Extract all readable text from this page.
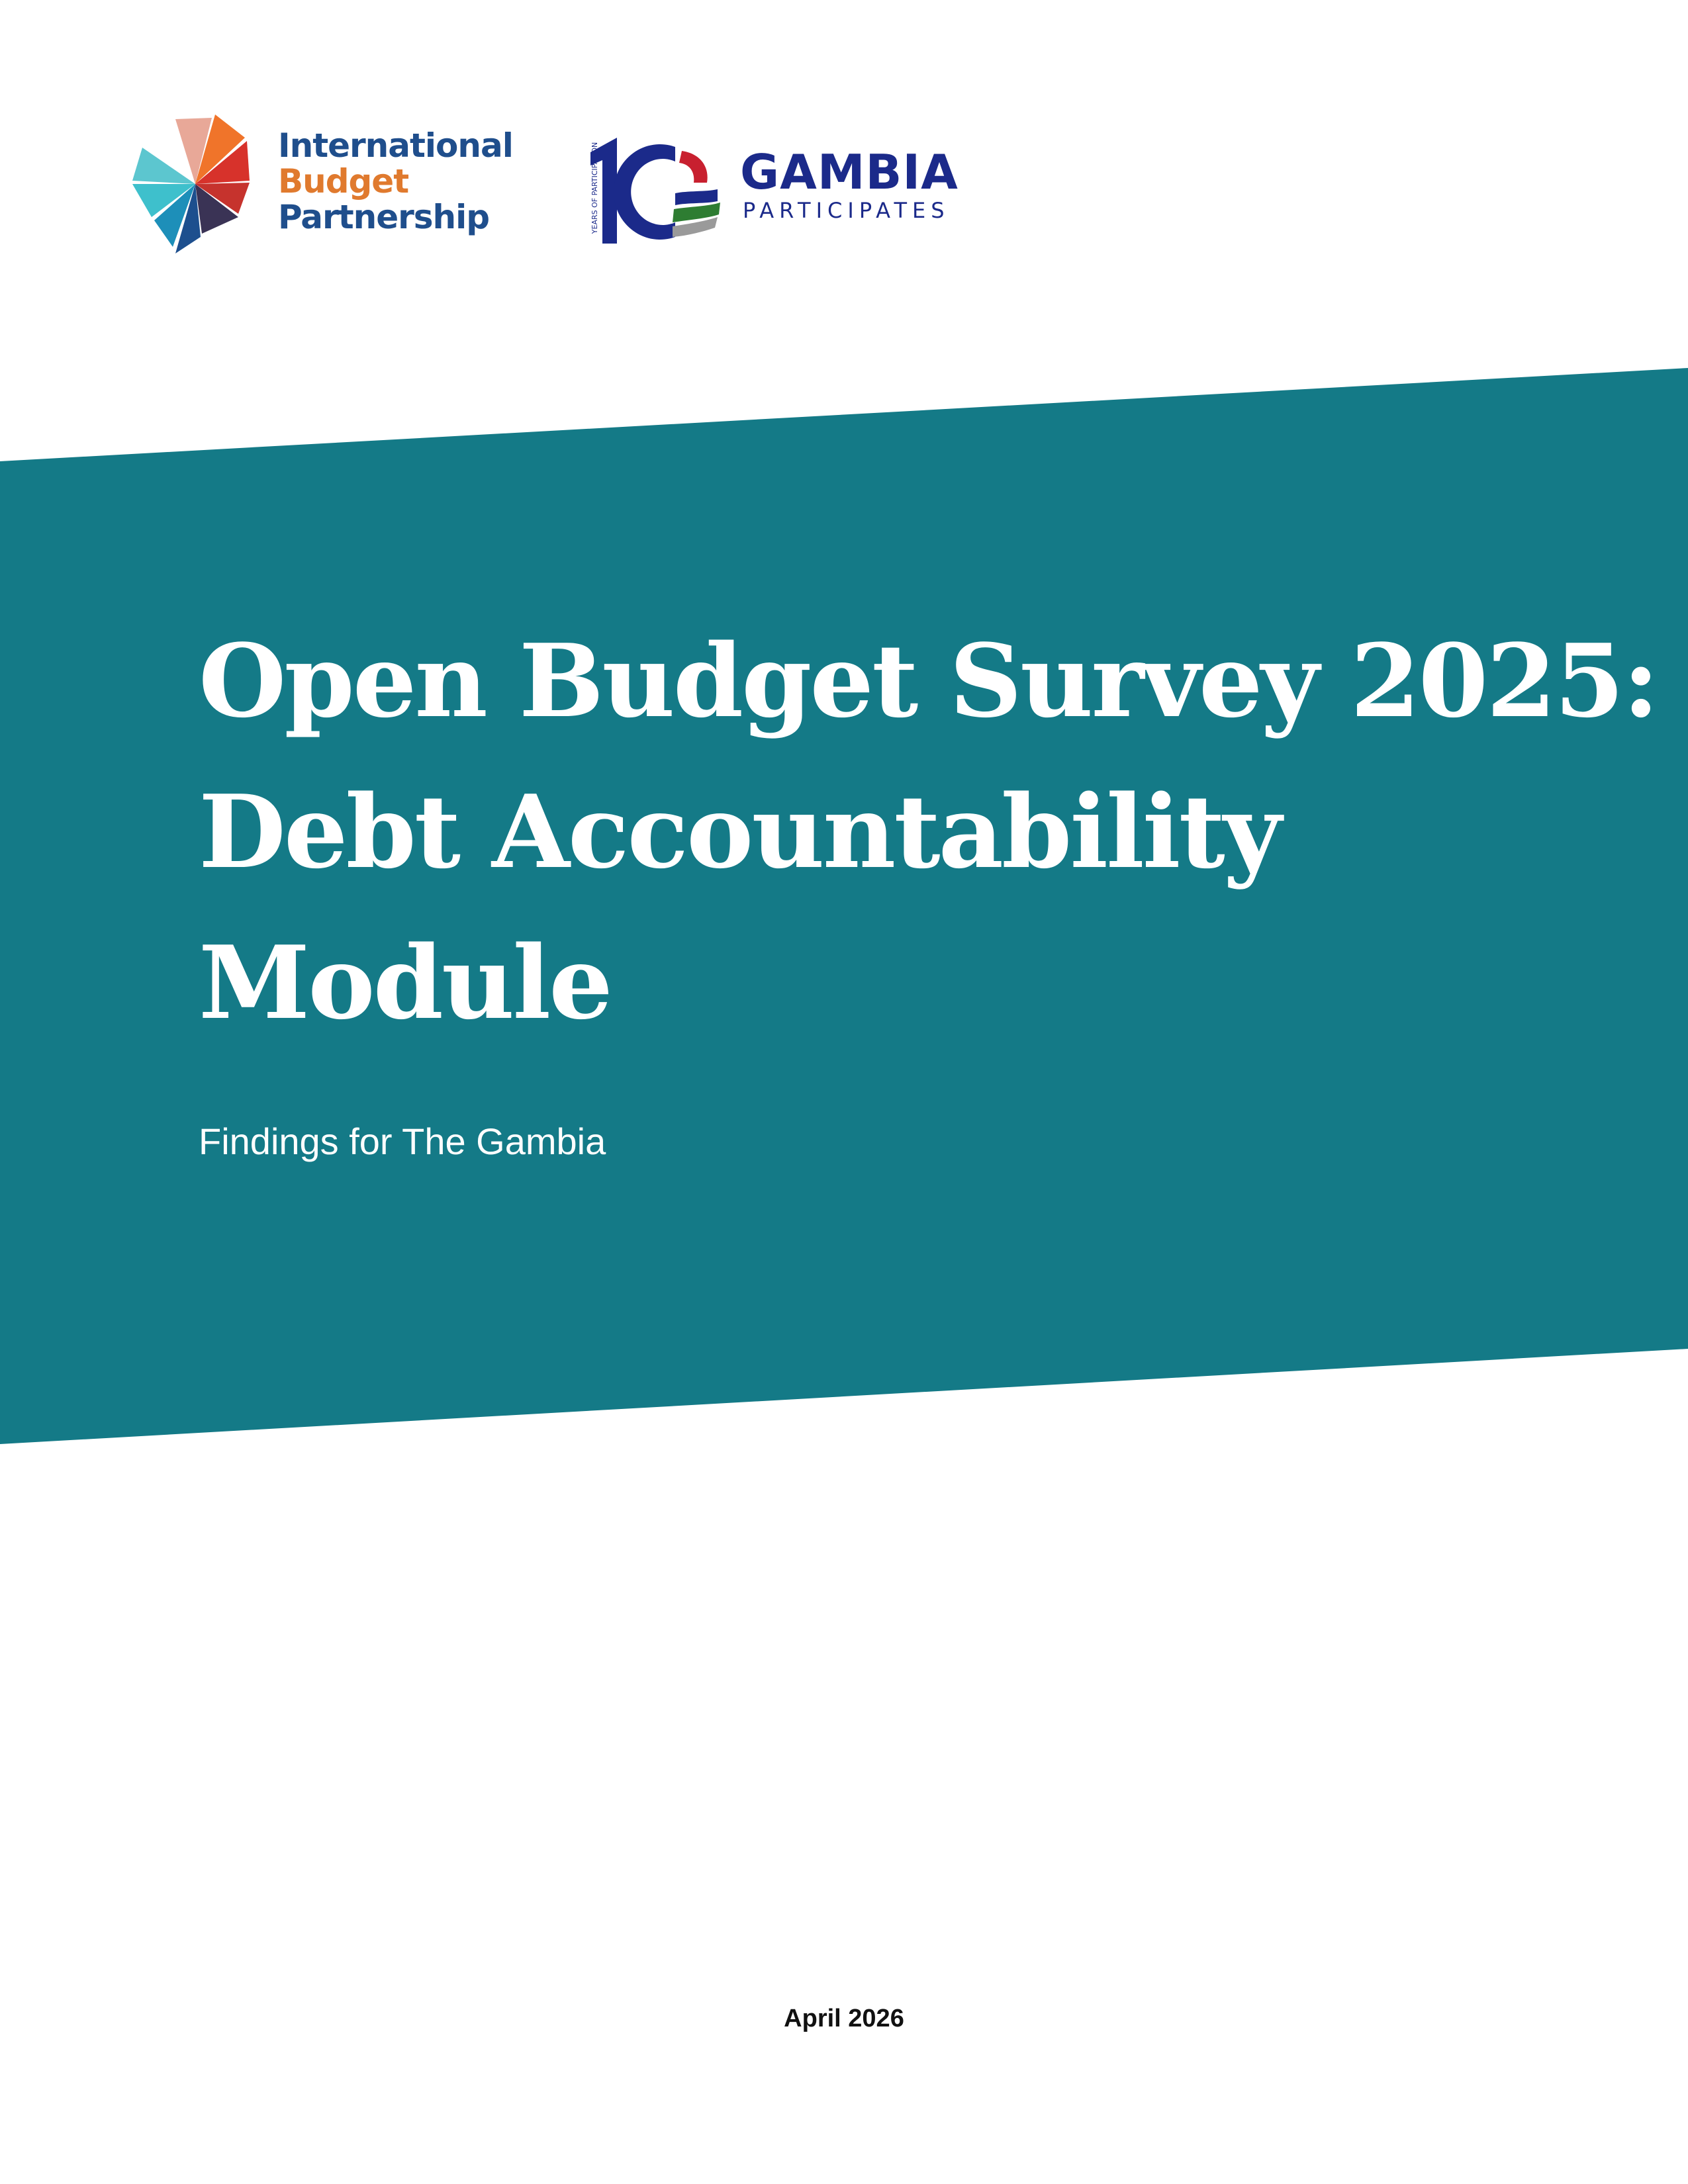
International
Budget
Partnership	YEARS OF PARTICIPATION	GAMBIA
PARTICIPATES
Open Budget Survey 2025:
Debt Accountability
Module
Findings for The Gambia
April 2026
